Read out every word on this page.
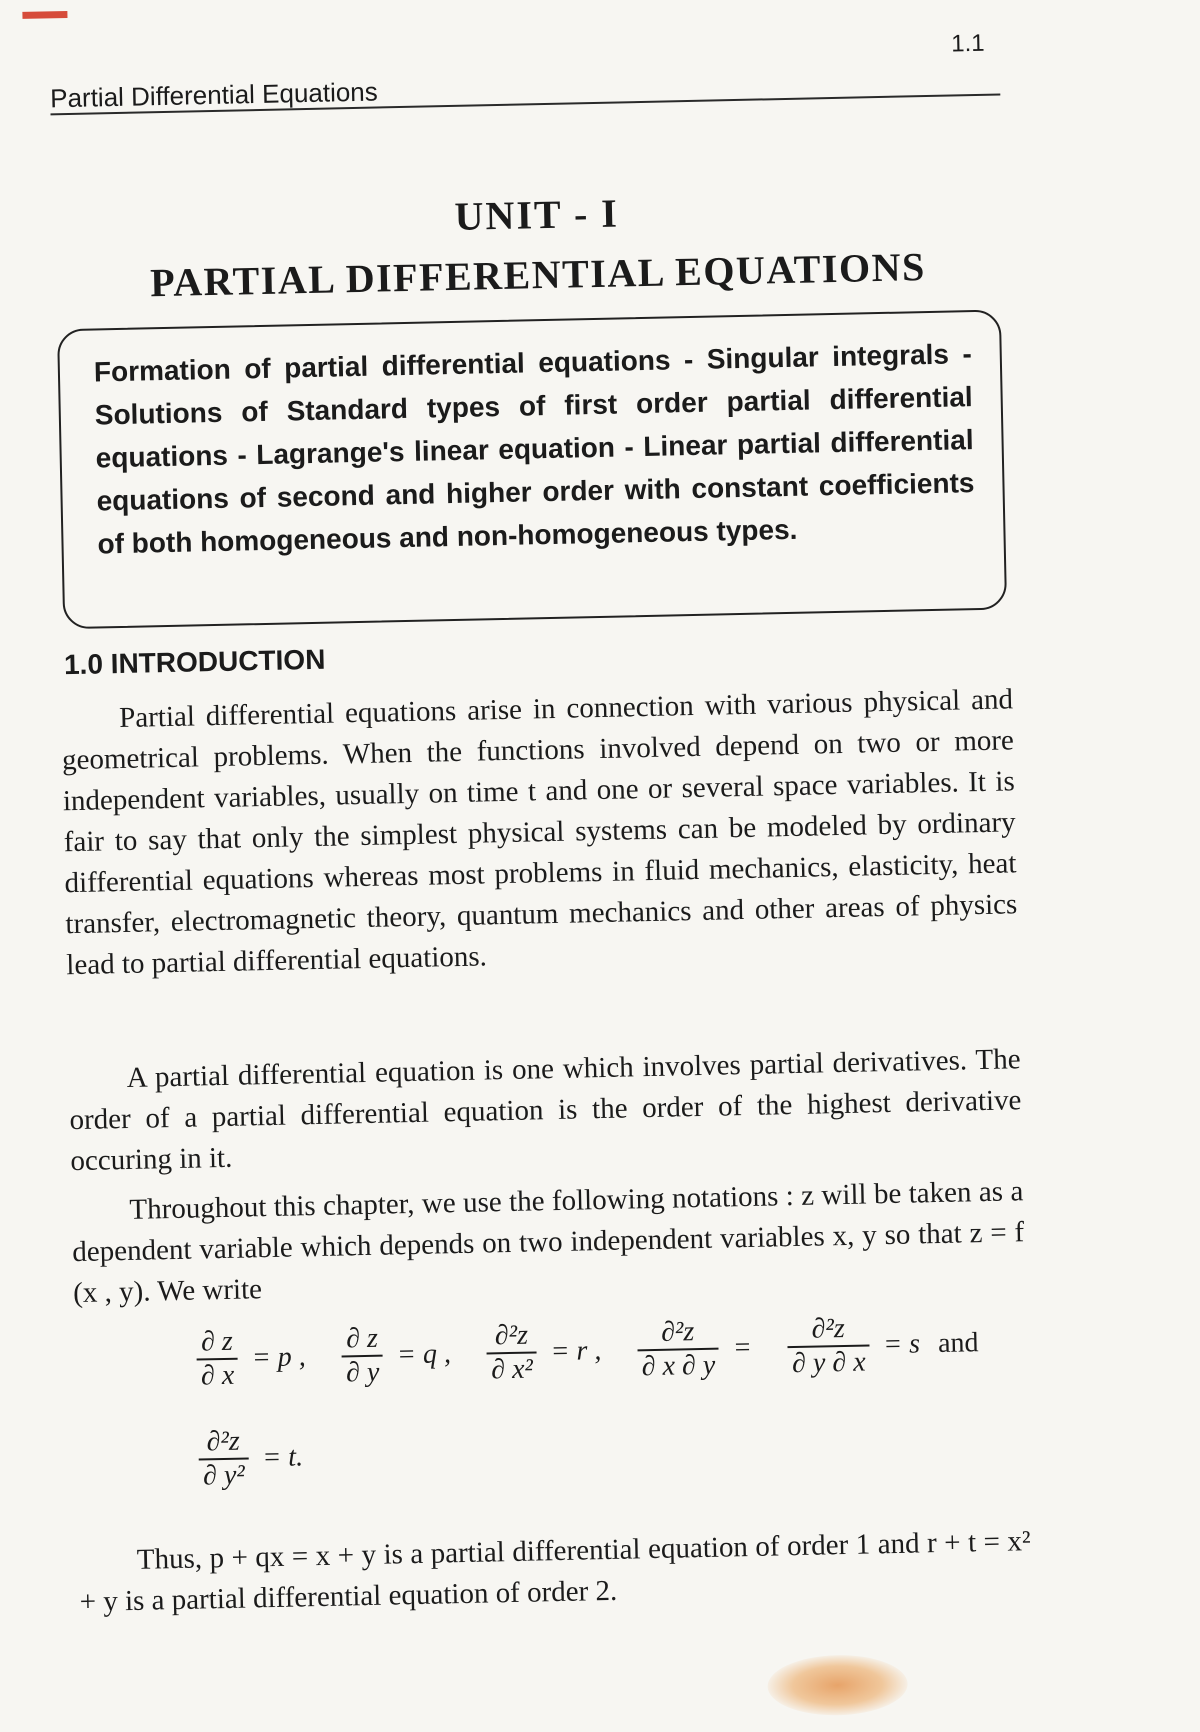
1.1
Partial Differential Equations
UNIT - I
PARTIAL DIFFERENTIAL EQUATIONS
Formation of partial differential equations - Singular integrals - Solutions of Standard types of first order partial differential equations - Lagrange's linear equation - Linear partial differential equations of second and higher order with constant coefficients of both homogeneous and non-homogeneous types.
1.0 INTRODUCTION
Partial differential equations arise in connection with various physical and geometrical problems. When the functions involved depend on two or more independent variables, usually on time t and one or several space variables. It is fair to say that only the simplest physical systems can be modeled by ordinary differential equations whereas most problems in fluid mechanics, elasticity, heat transfer, electromagnetic theory, quantum mechanics and other areas of physics lead to partial differential equations.
A partial differential equation is one which involves partial derivatives. The order of a partial differential equation is the order of the highest derivative occuring in it.
Throughout this chapter, we use the following notations : z will be taken as a dependent variable which depends on two independent variables x, y so that z = f (x , y). We write
$\frac{\partial z}{\partial x} = p$ , $\frac{\partial z}{\partial y} = q$ , $\frac{\text{∂²z}}{\text{∂ x²}} = r$ , $\frac{\text{∂²z}}{\partial x \partial y} = \frac{\text{∂²z}}{\partial y \partial x} = s$ and
$\frac{\text{∂²z}}{\text{∂ y²}} = t$.
Thus, p + qx = x + y is a partial differential equation of order 1 and r + t = x² + y is a partial differential equation of order 2.
